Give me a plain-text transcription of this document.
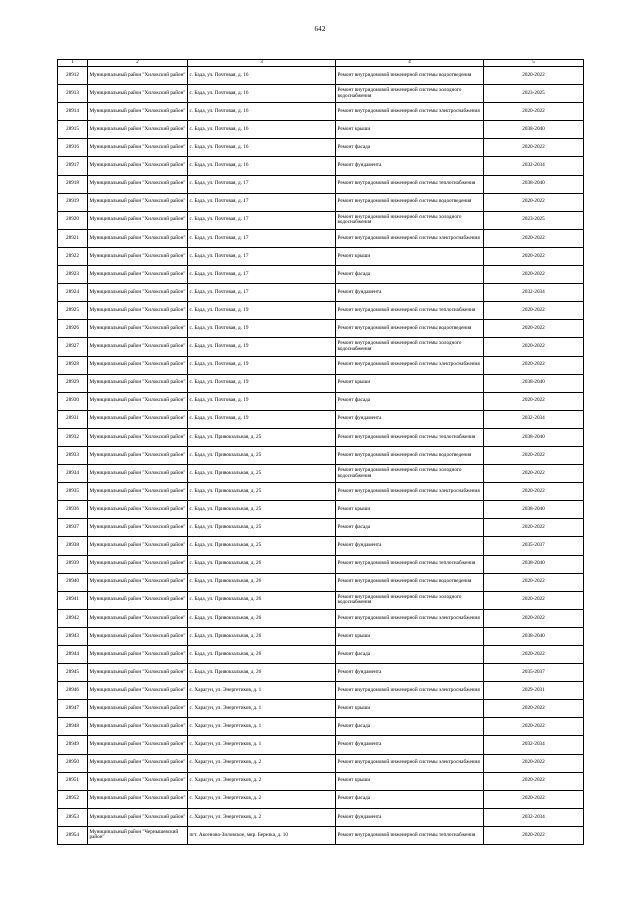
642
1	2	3	4	5
28912	Муниципальный район "Хилокский район"	с. Бада, ул. Почтовая, д. 16	Ремонт внутридомовой инженерной системы водоотведения	2020-2022
28913	Муниципальный район "Хилокский район"	с. Бада, ул. Почтовая, д. 16	Ремонт внутридомовой инженерной системы холодного водоснабжения	2023-2025
28914	Муниципальный район "Хилокский район"	с. Бада, ул. Почтовая, д. 16	Ремонт внутридомовой инженерной системы электроснабжения	2020-2022
28915	Муниципальный район "Хилокский район"	с. Бада, ул. Почтовая, д. 16	Ремонт крыши	2038-2040
28916	Муниципальный район "Хилокский район"	с. Бада, ул. Почтовая, д. 16	Ремонт фасада	2020-2022
28917	Муниципальный район "Хилокский район"	с. Бада, ул. Почтовая, д. 16	Ремонт фундамента	2032-2034
28918	Муниципальный район "Хилокский район"	с. Бада, ул. Почтовая, д. 17	Ремонт внутридомовой инженерной системы теплоснабжения	2038-2040
28919	Муниципальный район "Хилокский район"	с. Бада, ул. Почтовая, д. 17	Ремонт внутридомовой инженерной системы водоотведения	2020-2022
28920	Муниципальный район "Хилокский район"	с. Бада, ул. Почтовая, д. 17	Ремонт внутридомовой инженерной системы холодного водоснабжения	2023-2025
28921	Муниципальный район "Хилокский район"	с. Бада, ул. Почтовая, д. 17	Ремонт внутридомовой инженерной системы электроснабжения	2020-2022
28922	Муниципальный район "Хилокский район"	с. Бада, ул. Почтовая, д. 17	Ремонт крыши	2020-2022
28923	Муниципальный район "Хилокский район"	с. Бада, ул. Почтовая, д. 17	Ремонт фасада	2020-2022
28924	Муниципальный район "Хилокский район"	с. Бада, ул. Почтовая, д. 17	Ремонт фундамента	2032-2034
28925	Муниципальный район "Хилокский район"	с. Бада, ул. Почтовая, д. 19	Ремонт внутридомовой инженерной системы теплоснабжения	2020-2022
28926	Муниципальный район "Хилокский район"	с. Бада, ул. Почтовая, д. 19	Ремонт внутридомовой инженерной системы водоотведения	2020-2022
28927	Муниципальный район "Хилокский район"	с. Бада, ул. Почтовая, д. 19	Ремонт внутридомовой инженерной системы холодного водоснабжения	2020-2022
28928	Муниципальный район "Хилокский район"	с. Бада, ул. Почтовая, д. 19	Ремонт внутридомовой инженерной системы электроснабжения	2020-2022
28929	Муниципальный район "Хилокский район"	с. Бада, ул. Почтовая, д. 19	Ремонт крыши	2038-2040
28930	Муниципальный район "Хилокский район"	с. Бада, ул. Почтовая, д. 19	Ремонт фасада	2020-2022
28931	Муниципальный район "Хилокский район"	с. Бада, ул. Почтовая, д. 19	Ремонт фундамента	2032-2034
28932	Муниципальный район "Хилокский район"	с. Бада, ул. Привокзальная, д. 25	Ремонт внутридомовой инженерной системы теплоснабжения	2038-2040
28933	Муниципальный район "Хилокский район"	с. Бада, ул. Привокзальная, д. 25	Ремонт внутридомовой инженерной системы водоотведения	2020-2022
28934	Муниципальный район "Хилокский район"	с. Бада, ул. Привокзальная, д. 25	Ремонт внутридомовой инженерной системы холодного водоснабжения	2020-2022
28935	Муниципальный район "Хилокский район"	с. Бада, ул. Привокзальная, д. 25	Ремонт внутридомовой инженерной системы электроснабжения	2020-2022
28936	Муниципальный район "Хилокский район"	с. Бада, ул. Привокзальная, д. 25	Ремонт крыши	2038-2040
28937	Муниципальный район "Хилокский район"	с. Бада, ул. Привокзальная, д. 25	Ремонт фасада	2020-2022
28938	Муниципальный район "Хилокский район"	с. Бада, ул. Привокзальная, д. 25	Ремонт фундамента	2035-2037
28939	Муниципальный район "Хилокский район"	с. Бада, ул. Привокзальная, д. 26	Ремонт внутридомовой инженерной системы теплоснабжения	2038-2040
28940	Муниципальный район "Хилокский район"	с. Бада, ул. Привокзальная, д. 26	Ремонт внутридомовой инженерной системы водоотведения	2020-2022
28941	Муниципальный район "Хилокский район"	с. Бада, ул. Привокзальная, д. 26	Ремонт внутридомовой инженерной системы холодного водоснабжения	2020-2022
28942	Муниципальный район "Хилокский район"	с. Бада, ул. Привокзальная, д. 26	Ремонт внутридомовой инженерной системы электроснабжения	2020-2022
28943	Муниципальный район "Хилокский район"	с. Бада, ул. Привокзальная, д. 26	Ремонт крыши	2038-2040
28944	Муниципальный район "Хилокский район"	с. Бада, ул. Привокзальная, д. 26	Ремонт фасада	2020-2022
28945	Муниципальный район "Хилокский район"	с. Бада, ул. Привокзальная, д. 26	Ремонт фундамента	2035-2037
28946	Муниципальный район "Хилокский район"	с. Харагун, ул. Энергетиков, д. 1	Ремонт внутридомовой инженерной системы электроснабжения	2029-2031
28947	Муниципальный район "Хилокский район"	с. Харагун, ул. Энергетиков, д. 1	Ремонт крыши	2020-2022
28948	Муниципальный район "Хилокский район"	с. Харагун, ул. Энергетиков, д. 1	Ремонт фасада	2020-2022
28949	Муниципальный район "Хилокский район"	с. Харагун, ул. Энергетиков, д. 1	Ремонт фундамента	2032-2034
28950	Муниципальный район "Хилокский район"	с. Харагун, ул. Энергетиков, д. 2	Ремонт внутридомовой инженерной системы электроснабжения	2020-2022
28951	Муниципальный район "Хилокский район"	с. Харагун, ул. Энергетиков, д. 2	Ремонт крыши	2020-2022
28952	Муниципальный район "Хилокский район"	с. Харагун, ул. Энергетиков, д. 2	Ремонт фасада	2020-2022
28953	Муниципальный район "Хилокский район"	с. Харагун, ул. Энергетиков, д. 2	Ремонт фундамента	2032-2034
28954	Муниципальный район "Чернышевский район"	пгт. Аксеново-Зиловское, мкр. Березка, д. 10	Ремонт внутридомовой инженерной системы теплоснабжения	2020-2022
